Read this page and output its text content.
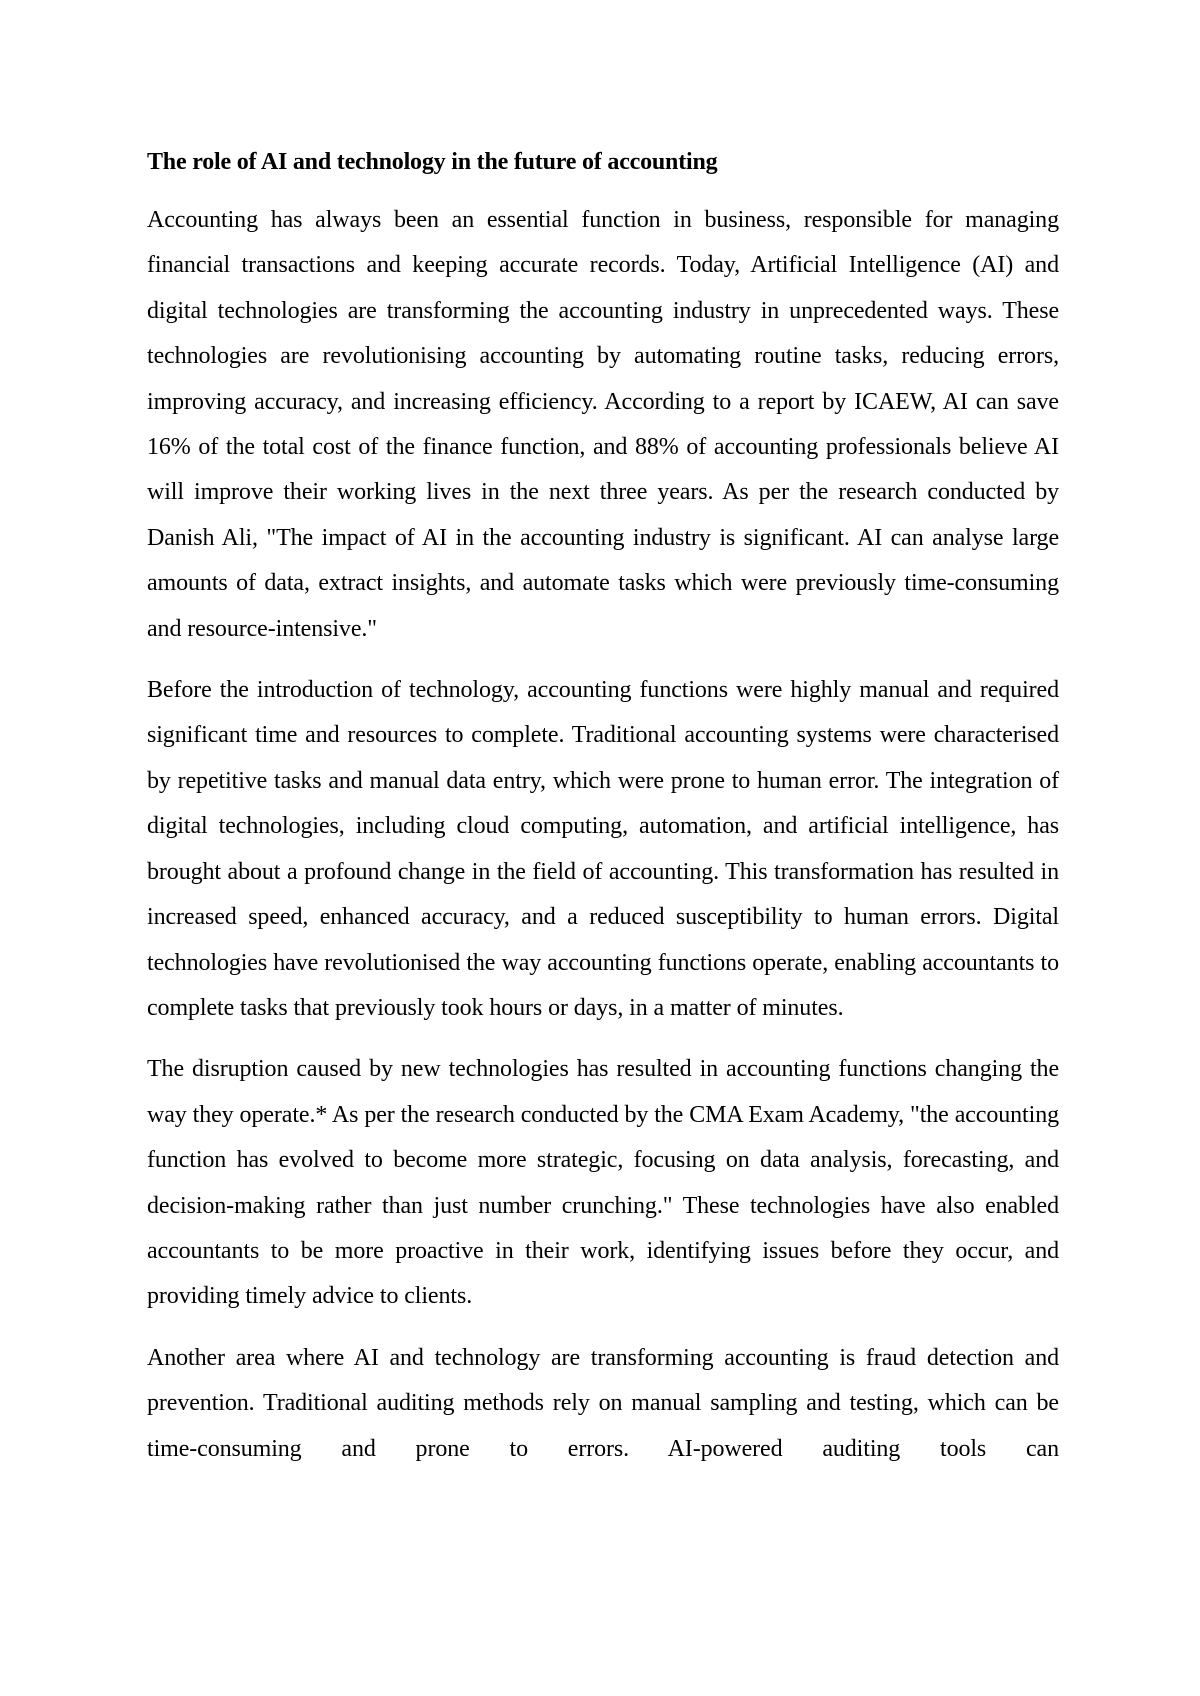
The role of AI and technology in the future of accounting

Accounting has always been an essential function in business, responsible for managing financial transactions and keeping accurate records. Today, Artificial Intelligence (AI) and digital technologies are transforming the accounting industry in unprecedented ways. These technologies are revolutionising accounting by automating routine tasks, reducing errors, improving accuracy, and increasing efficiency. According to a report by ICAEW, AI can save 16% of the total cost of the finance function, and 88% of accounting professionals believe AI will improve their working lives in the next three years. As per the research conducted by Danish Ali, "The impact of AI in the accounting industry is significant. AI can analyse large amounts of data, extract insights, and automate tasks which were previously time-consuming and resource-intensive."

Before the introduction of technology, accounting functions were highly manual and required significant time and resources to complete. Traditional accounting systems were characterised by repetitive tasks and manual data entry, which were prone to human error. The integration of digital technologies, including cloud computing, automation, and artificial intelligence, has brought about a profound change in the field of accounting. This transformation has resulted in increased speed, enhanced accuracy, and a reduced susceptibility to human errors. Digital technologies have revolutionised the way accounting functions operate, enabling accountants to complete tasks that previously took hours or days, in a matter of minutes.

The disruption caused by new technologies has resulted in accounting functions changing the way they operate.* As per the research conducted by the CMA Exam Academy, "the accounting function has evolved to become more strategic, focusing on data analysis, forecasting, and decision-making rather than just number crunching." These technologies have also enabled accountants to be more proactive in their work, identifying issues before they occur, and providing timely advice to clients.

Another area where AI and technology are transforming accounting is fraud detection and prevention. Traditional auditing methods rely on manual sampling and testing, which can be time-consuming and prone to errors. AI-powered auditing tools can
